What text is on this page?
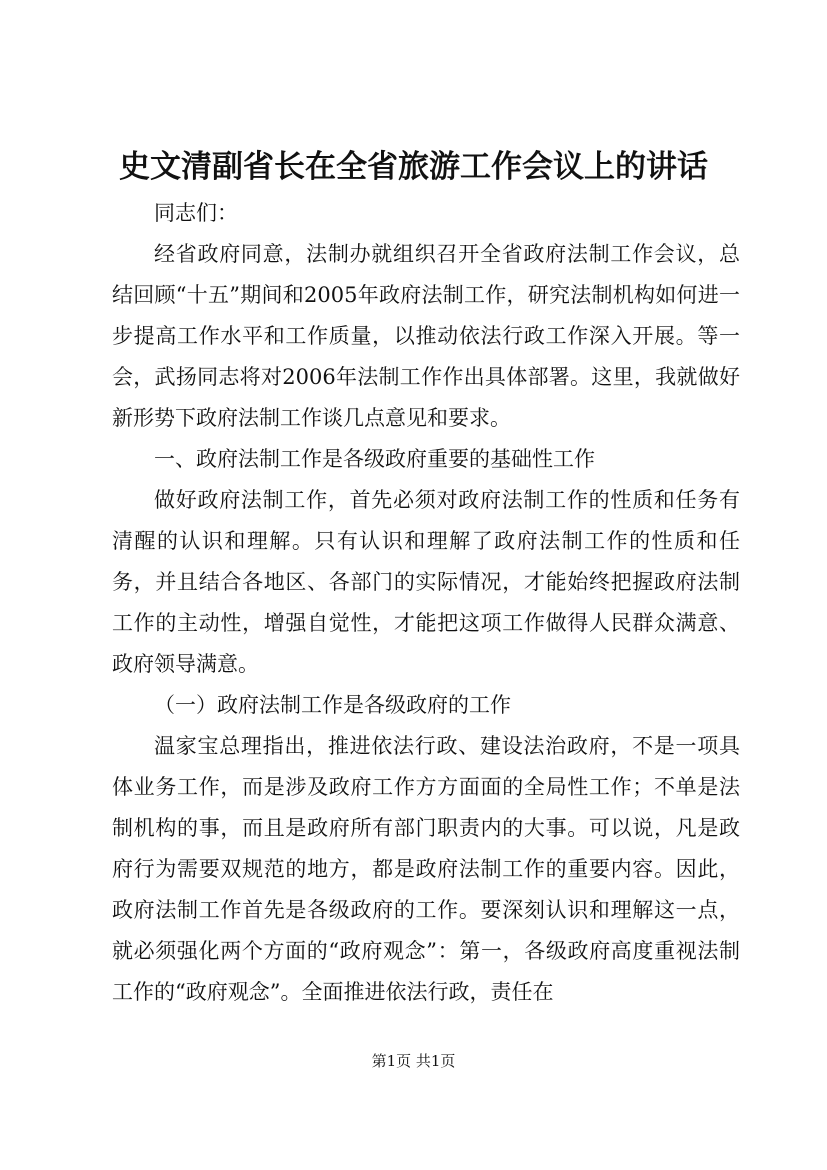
史文清副省长在全省旅游工作会议上的讲话

同志们：

经省政府同意，法制办就组织召开全省政府法制工作会议，总结回顾“十五”期间和2005年政府法制工作，研究法制机构如何进一步提高工作水平和工作质量，以推动依法行政工作深入开展。等一会，武扬同志将对2006年法制工作作出具体部署。这里，我就做好新形势下政府法制工作谈几点意见和要求。

一、政府法制工作是各级政府重要的基础性工作

做好政府法制工作，首先必须对政府法制工作的性质和任务有清醒的认识和理解。只有认识和理解了政府法制工作的性质和任务，并且结合各地区、各部门的实际情况，才能始终把握政府法制工作的主动性，增强自觉性，才能把这项工作做得人民群众满意、政府领导满意。

（一）政府法制工作是各级政府的工作

温家宝总理指出，推进依法行政、建设法治政府，不是一项具体业务工作，而是涉及政府工作方方面面的全局性工作；不单是法制机构的事，而且是政府所有部门职责内的大事。可以说，凡是政府行为需要双规范的地方，都是政府法制工作的重要内容。因此，政府法制工作首先是各级政府的工作。要深刻认识和理解这一点，就必须强化两个方面的“政府观念”：第一，各级政府高度重视法制工作的“政府观念”。全面推进依法行政，责任在

第1页 共1页
